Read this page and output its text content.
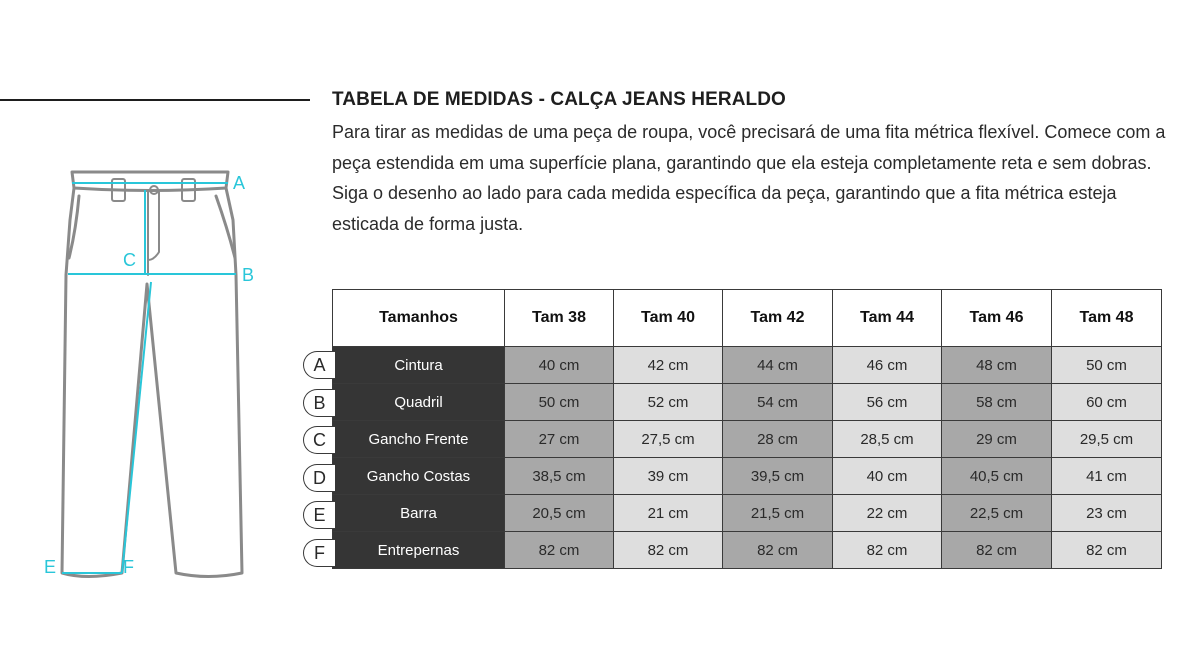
A
B
C
E	F
TABELA DE MEDIDAS - CALÇA JEANS HERALDO
Para tirar as medidas de uma peça de roupa, você precisará de uma fita métrica flexível. Comece com a peça estendida em uma superfície plana, garantindo que ela esteja completamente reta e sem dobras. Siga o desenho ao lado para cada medida específica da peça, garantindo que a fita métrica esteja esticada de forma justa.
Tamanhos	Tam 38	Tam 40	Tam 42	Tam 44	Tam 46	Tam 48
Cintura	40 cm	42 cm	44 cm	46 cm	48 cm	50 cm
Quadril	50 cm	52 cm	54 cm	56 cm	58 cm	60 cm
Gancho Frente	27 cm	27,5 cm	28 cm	28,5 cm	29 cm	29,5 cm
Gancho Costas	38,5 cm	39 cm	39,5 cm	40 cm	40,5 cm	41 cm
Barra	20,5 cm	21 cm	21,5 cm	22 cm	22,5 cm	23 cm
Entrepernas	82 cm	82 cm	82 cm	82 cm	82 cm	82 cm
A
B
C
D
E
F
